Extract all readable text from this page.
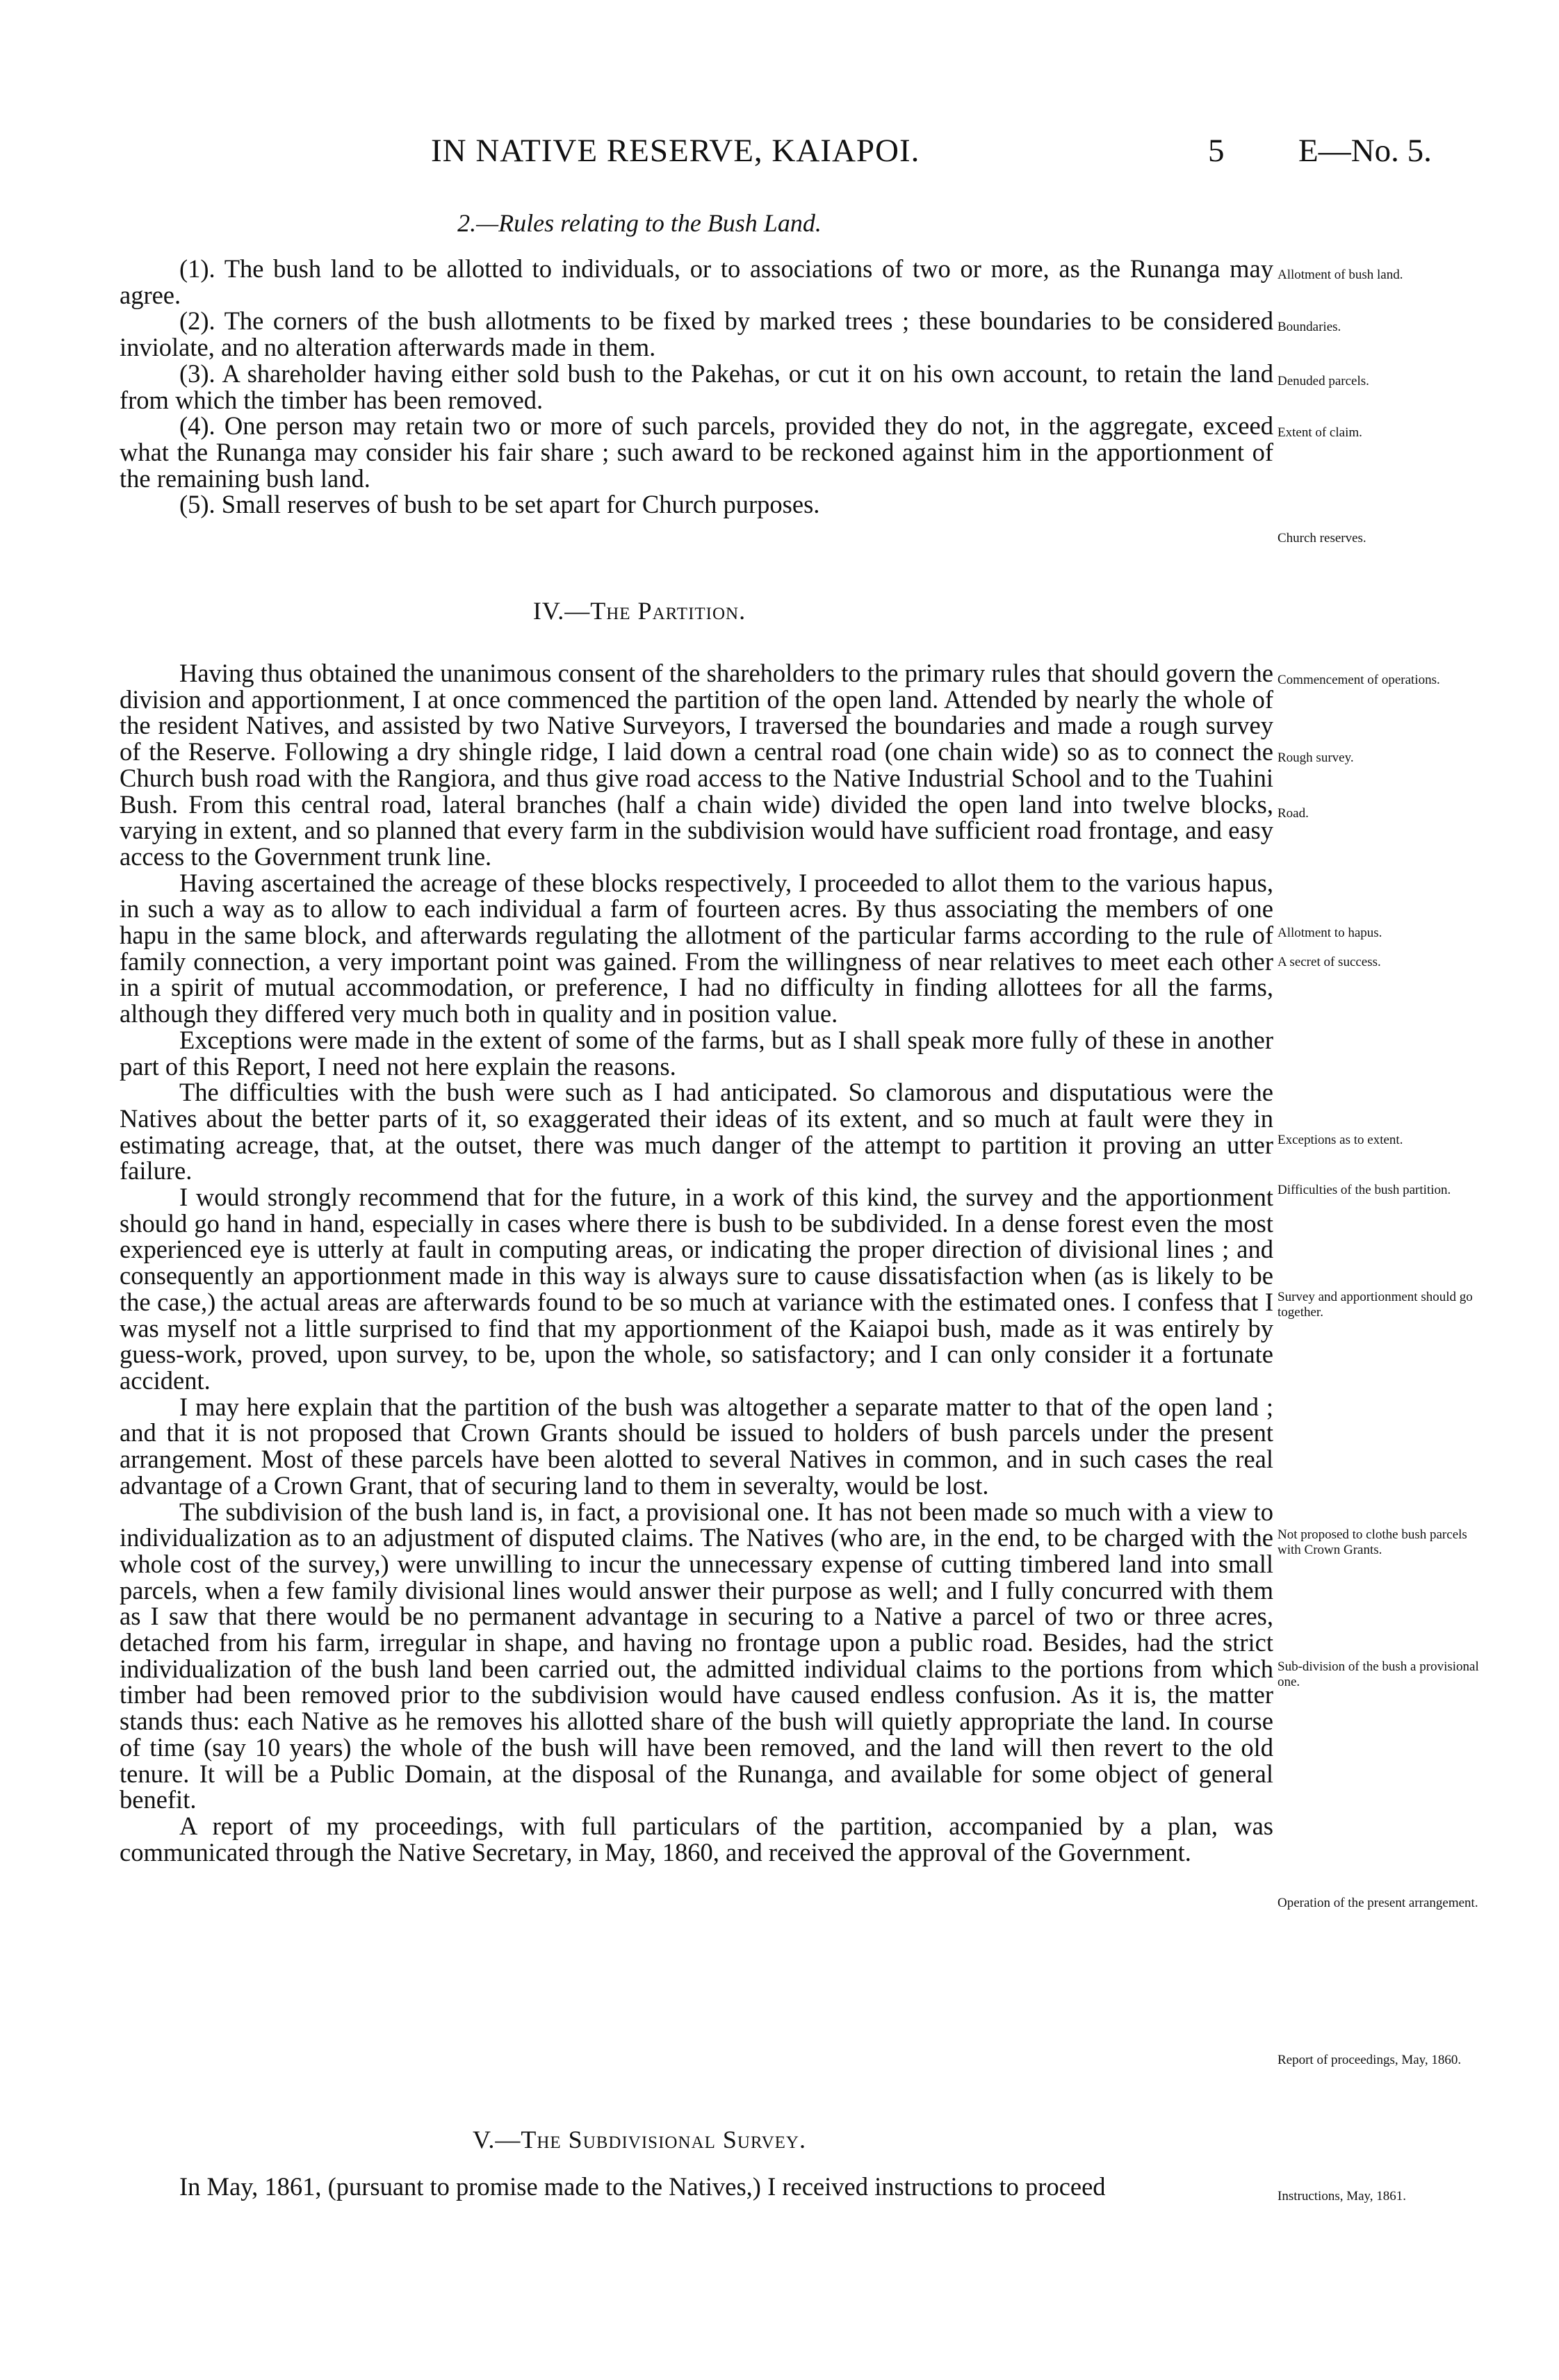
IN NATIVE RESERVE, KAIAPOI.	5 E—No. 5.
2.—Rules relating to the Bush Land.

(1). The bush land to be allotted to individuals, or to associations of two or more, as the Runanga may agree.

(2). The corners of the bush allotments to be fixed by marked trees ; these boundaries to be considered inviolate, and no alteration afterwards made in them.

(3). A shareholder having either sold bush to the Pakehas, or cut it on his own account, to retain the land from which the timber has been removed.

(4). One person may retain two or more of such parcels, provided they do not, in the aggregate, exceed what the Runanga may consider his fair share ; such award to be reckoned against him in the apportionment of the remaining bush land.

(5). Small reserves of bush to be set apart for Church purposes.

IV.—The Partition.

Having thus obtained the unanimous consent of the shareholders to the primary rules that should govern the division and apportionment, I at once commenced the partition of the open land. Attended by nearly the whole of the resident Natives, and assisted by two Native Surveyors, I traversed the boundaries and made a rough survey of the Reserve. Following a dry shingle ridge, I laid down a central road (one chain wide) so as to connect the Church bush road with the Rangiora, and thus give road access to the Native Industrial School and to the Tuahini Bush. From this central road, lateral branches (half a chain wide) divided the open land into twelve blocks, varying in extent, and so planned that every farm in the subdivision would have sufficient road frontage, and easy access to the Government trunk line.

Having ascertained the acreage of these blocks respectively, I proceeded to allot them to the various hapus, in such a way as to allow to each individual a farm of fourteen acres. By thus associating the members of one hapu in the same block, and afterwards regulating the allotment of the particular farms according to the rule of family connection, a very important point was gained. From the willingness of near relatives to meet each other in a spirit of mutual accommodation, or preference, I had no difficulty in finding allottees for all the farms, although they differed very much both in quality and in position value.

Exceptions were made in the extent of some of the farms, but as I shall speak more fully of these in another part of this Report, I need not here explain the reasons.

The difficulties with the bush were such as I had anticipated. So clamorous and disputatious were the Natives about the better parts of it, so exaggerated their ideas of its extent, and so much at fault were they in estimating acreage, that, at the outset, there was much danger of the attempt to partition it proving an utter failure.

I would strongly recommend that for the future, in a work of this kind, the survey and the apportionment should go hand in hand, especially in cases where there is bush to be subdivided. In a dense forest even the most experienced eye is utterly at fault in computing areas, or indicating the proper direction of divisional lines ; and consequently an apportionment made in this way is always sure to cause dissatisfaction when (as is likely to be the case,) the actual areas are afterwards found to be so much at variance with the estimated ones. I confess that I was myself not a little surprised to find that my apportionment of the Kaiapoi bush, made as it was entirely by guess-work, proved, upon survey, to be, upon the whole, so satisfactory; and I can only consider it a fortunate accident.

I may here explain that the partition of the bush was altogether a separate matter to that of the open land ; and that it is not proposed that Crown Grants should be issued to holders of bush parcels under the present arrangement. Most of these parcels have been alotted to several Natives in common, and in such cases the real advantage of a Crown Grant, that of securing land to them in severalty, would be lost.

The subdivision of the bush land is, in fact, a provisional one. It has not been made so much with a view to individualization as to an adjustment of disputed claims. The Natives (who are, in the end, to be charged with the whole cost of the survey,) were unwilling to incur the unnecessary expense of cutting timbered land into small parcels, when a few family divisional lines would answer their purpose as well; and I fully concurred with them as I saw that there would be no permanent advantage in securing to a Native a parcel of two or three acres, detached from his farm, irregular in shape, and having no frontage upon a public road. Besides, had the strict individualization of the bush land been carried out, the admitted individual claims to the portions from which timber had been removed prior to the subdivision would have caused endless confusion. As it is, the matter stands thus: each Native as he removes his allotted share of the bush will quietly appropriate the land. In course of time (say 10 years) the whole of the bush will have been removed, and the land will then revert to the old tenure. It will be a Public Domain, at the disposal of the Runanga, and available for some object of general benefit.

A report of my proceedings, with full particulars of the partition, accompanied by a plan, was communicated through the Native Secretary, in May, 1860, and received the approval of the Government.

V.—The Subdivisional Survey.

In May, 1861, (pursuant to promise made to the Natives,) I received instructions to proceed

Allotment of bush land.
Boundaries.
Denuded parcels.
Extent of claim.
Church reserves.
Commencement of operations.
Rough survey.
Road.
Allotment to hapus.
A secret of success.
Exceptions as to extent.
Difficulties of the bush partition.
Survey and apportionment should go together.
Not proposed to clothe bush parcels with Crown Grants.
Sub-division of the bush a provisional one.
Operation of the present arrangement.
Report of proceedings, May, 1860.
Instructions, May, 1861.
